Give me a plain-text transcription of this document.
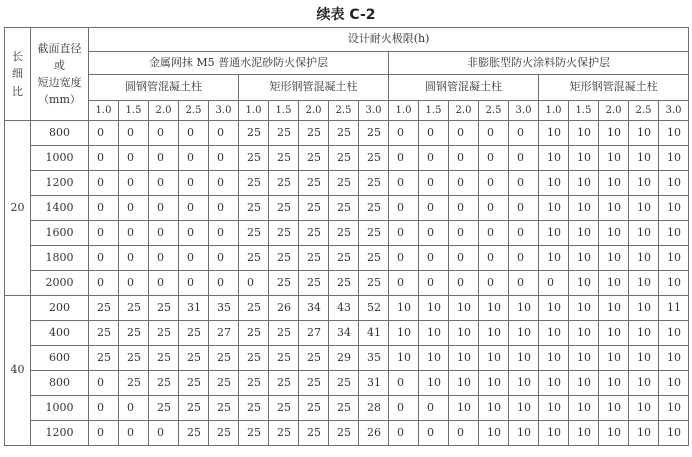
续表 C-2
长
细
比	截面直径
或
短边宽度
（mm）	设计耐火极限(h)																			
		金属网抹 M5 普通水泥砂防火保护层										非膨胀型防火涂料防火保护层									
		圆钢管混凝土柱					矩形钢管混凝土柱					圆钢管混凝土柱					矩形钢管混凝土柱				
		1.0	1.5	2.0	2.5	3.0	1.0	1.5	2.0	2.5	3.0	1.0	1.5	2.0	2.5	3.0	1.0	1.5	2.0	2.5	3.0
20	800	0	0	0	0	0	25	25	25	25	25	0	0	0	0	0	10	10	10	10	10
	1000	0	0	0	0	0	25	25	25	25	25	0	0	0	0	0	10	10	10	10	10
	1200	0	0	0	0	0	25	25	25	25	25	0	0	0	0	0	10	10	10	10	10
	1400	0	0	0	0	0	25	25	25	25	25	0	0	0	0	0	10	10	10	10	10
	1600	0	0	0	0	0	25	25	25	25	25	0	0	0	0	0	10	10	10	10	10
	1800	0	0	0	0	0	25	25	25	25	25	0	0	0	0	0	10	10	10	10	10
	2000	0	0	0	0	0	0	25	25	25	25	0	0	0	0	0	0	10	10	10	10
40	200	25	25	25	31	35	25	26	34	43	52	10	10	10	10	10	10	10	10	10	11
	400	25	25	25	25	27	25	25	27	34	41	10	10	10	10	10	10	10	10	10	10
	600	25	25	25	25	25	25	25	25	29	35	10	10	10	10	10	10	10	10	10	10
	800	0	25	25	25	25	25	25	25	25	31	0	10	10	10	10	10	10	10	10	10
	1000	0	0	25	25	25	25	25	25	25	28	0	0	10	10	10	10	10	10	10	10
	1200	0	0	0	25	25	25	25	25	25	26	0	0	0	10	10	10	10	10	10	10
